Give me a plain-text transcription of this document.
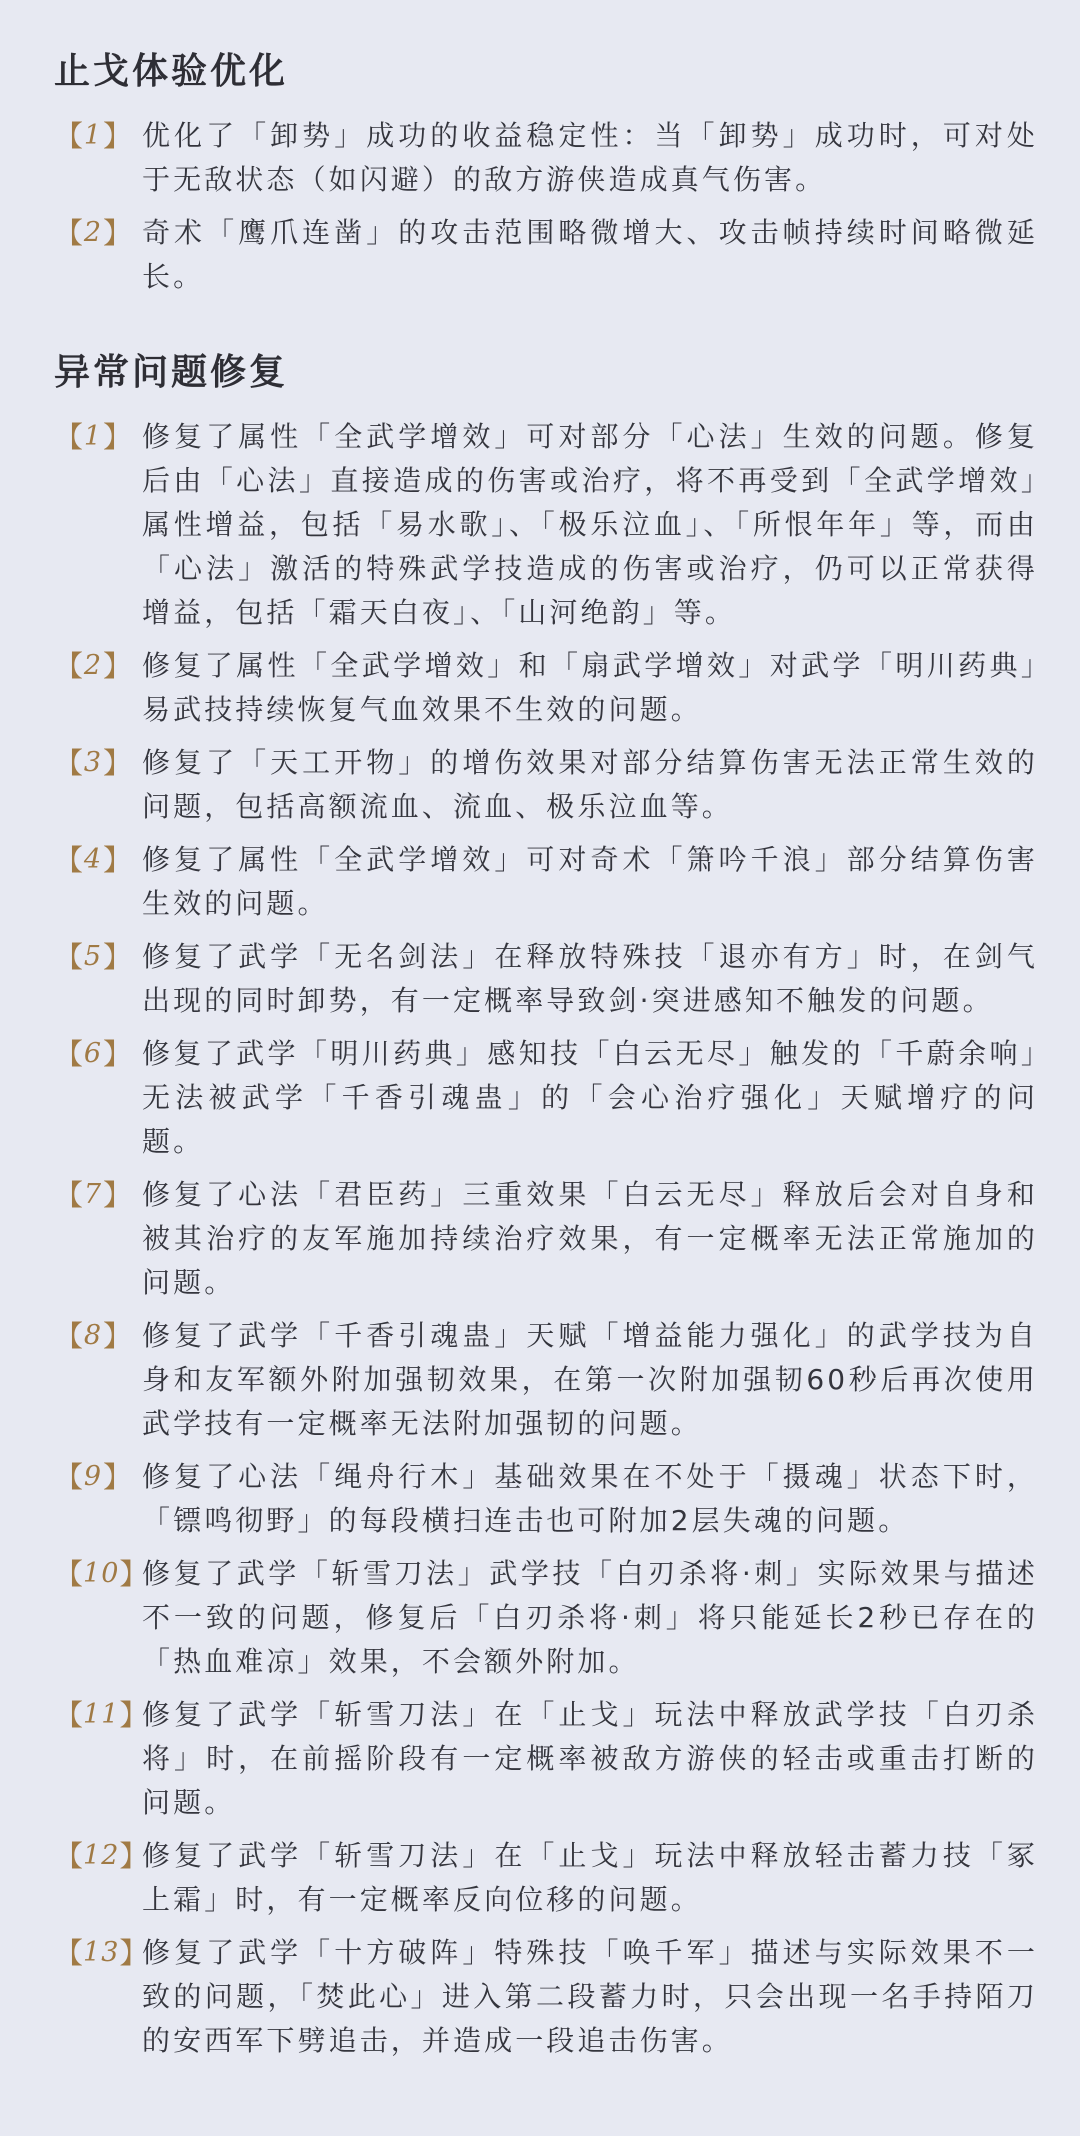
止戈体验优化
【 1 】 优化了「卸势」成功的收益稳定性：当「卸势」成功时，可对处于无敌状态（如闪避）的敌方游侠造成真气伤害。

【 2 】 奇术「鹰爪连凿」的攻击范围略微增大、攻击帧持续时间略微延长。

异常问题修复
【 1 】 修复了属性「全武学增效」可对部分「心法」生效的问题。修复后由「心法」直接造成的伤害或治疗，将不再受到「全武学增效」属性增益，包括「易水歌」、「极乐泣血」、「所恨年年」等，而由「心法」激活的特殊武学技造成的伤害或治疗，仍可以正常获得增益，包括「霜天白夜」、「山河绝韵」等。

【 2 】 修复了属性「全武学增效」和「扇武学增效」对武学「明川药典」易武技持续恢复气血效果不生效的问题。

【 3 】 修复了「天工开物」的增伤效果对部分结算伤害无法正常生效的问题，包括高额流血、流血、极乐泣血等。

【 4 】 修复了属性「全武学增效」可对奇术「箫吟千浪」部分结算伤害生效的问题。

【 5 】 修复了武学「无名剑法」在释放特殊技「退亦有方」时，在剑气出现的同时卸势，有一定概率导致剑·突进感知不触发的问题。

【 6 】 修复了武学「明川药典」感知技「白云无尽」触发的「千蔚余响」无法被武学「千香引魂蛊」的「会心治疗强化」天赋增疗的问题。

【 7 】 修复了心法「君臣药」三重效果「白云无尽」释放后会对自身和被其治疗的友军施加持续治疗效果，有一定概率无法正常施加的问题。

【 8 】 修复了武学「千香引魂蛊」天赋「增益能力强化」的武学技为自身和友军额外附加强韧效果，在第一次附加强韧60秒后再次使用武学技有一定概率无法附加强韧的问题。

【 9 】 修复了心法「绳舟行木」基础效果在不处于「摄魂」状态下时，「镖鸣彻野」的每段横扫连击也可附加2层失魂的问题。

【 10 】

修复了武学「斩雪刀法」武学技「白刃杀将·刺」实际效果与描述不一致的问题，修复后「白刃杀将·刺」将只能延长2秒已存在的「热血难凉」效果，不会额外附加。

【 11 】

修复了武学「斩雪刀法」在「止戈」玩法中释放武学技「白刃杀将」时，在前摇阶段有一定概率被敌方游侠的轻击或重击打断的问题。

【 12 】

修复了武学「斩雪刀法」在「止戈」玩法中释放轻击蓄力技「冢上霜」时，有一定概率反向位移的问题。

【 13 】

修复了武学「十方破阵」特殊技「唤千军」描述与实际效果不一致的问题，「焚此心」进入第二段蓄力时，只会出现一名手持陌刀的安西军下劈追击，并造成一段追击伤害。
